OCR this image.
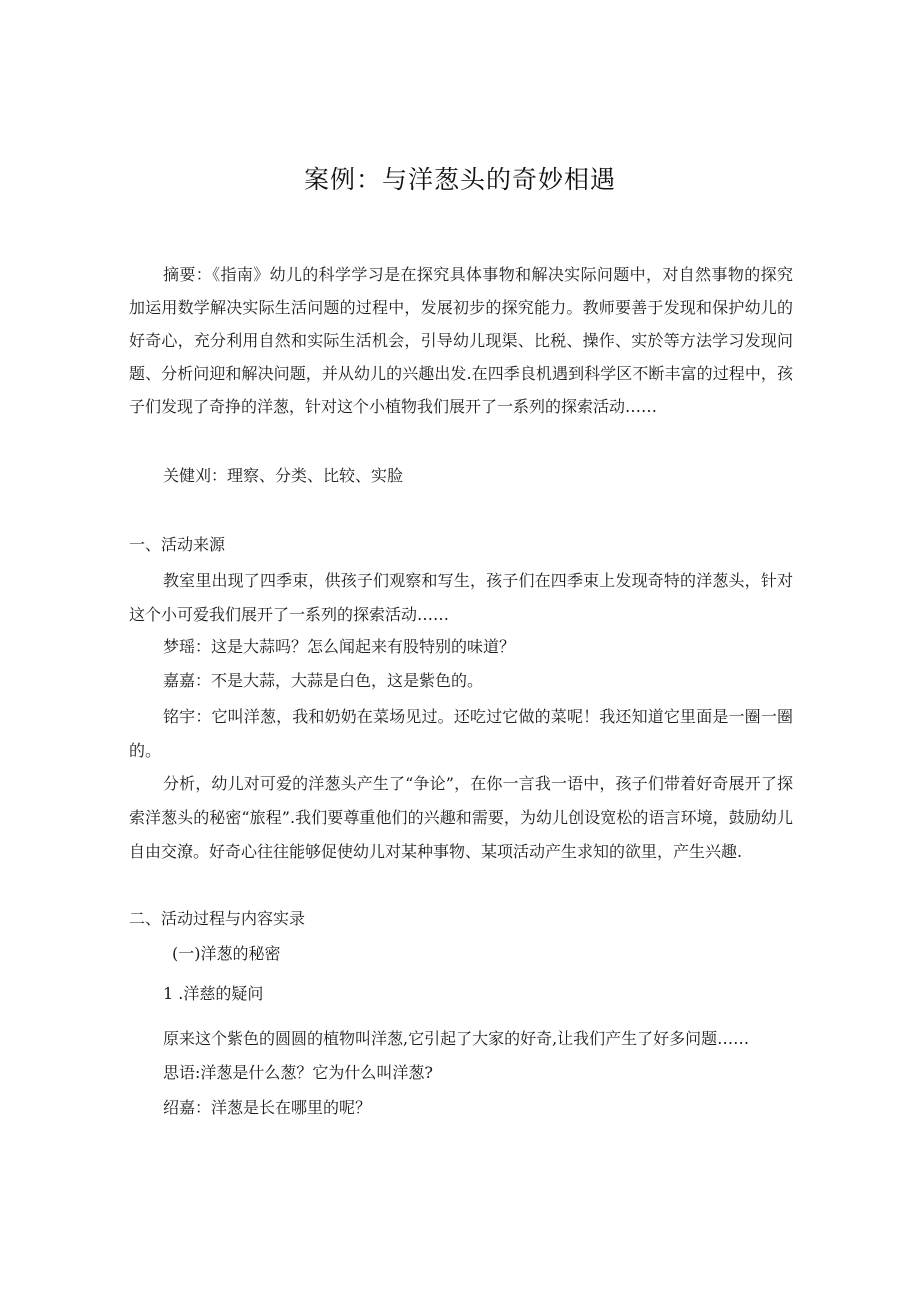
案例：与洋葱头的奇妙相遇

摘要：《指南》幼儿的科学学习是在探究具体事物和解决实际问题中，对自然事物的探究加运用数学解决实际生活问题的过程中，发展初步的探究能力。教师要善于发现和保护幼儿的好奇心，充分利用自然和实际生活机会，引导幼儿现渠、比税、操作、实於等方法学习发现问题、分析问迎和解决问题，并从幼儿的兴趣出发.在四季良机遇到科学区不断丰富的过程中，孩子们发现了奇挣的洋葱，针对这个小植物我们展开了一系列的探索活动……

关健刈：理察、分类、比较、实脸

一、活动来源

教室里出现了四季束，供孩子们观察和写生，孩子们在四季束上发现奇特的洋葱头，针对这个小可爱我们展开了一系列的探索活动……

梦瑶：这是大蒜吗？怎么闻起来有股特别的味道？

嘉嘉：不是大蒜，大蒜是白色，这是紫色的。

铭宇：它叫洋葱，我和奶奶在菜场见过。还吃过它做的菜呢！我还知道它里面是一圈一圈的。

分析，幼儿对可爱的洋葱头产生了“争论”，在你一言我一语中，孩子们带着好奇展开了探索洋葱头的秘密“旅程”.我们要尊重他们的兴趣和需要，为幼儿创设宽松的语言环境，鼓励幼儿自由交潦。好奇心往往能够促使幼儿对某种事物、某项活动产生求知的欲里，产生兴趣.

二、活动过程与内容实录

(一)洋葱的秘密

1 .洋慈的疑问

原来这个紫色的圆圆的植物叫洋葱,它引起了大家的好奇,让我们产生了好多问题……

思语:洋葱是什么葱？它为什么叫洋葱?

绍嘉：洋葱是长在哪里的呢？
